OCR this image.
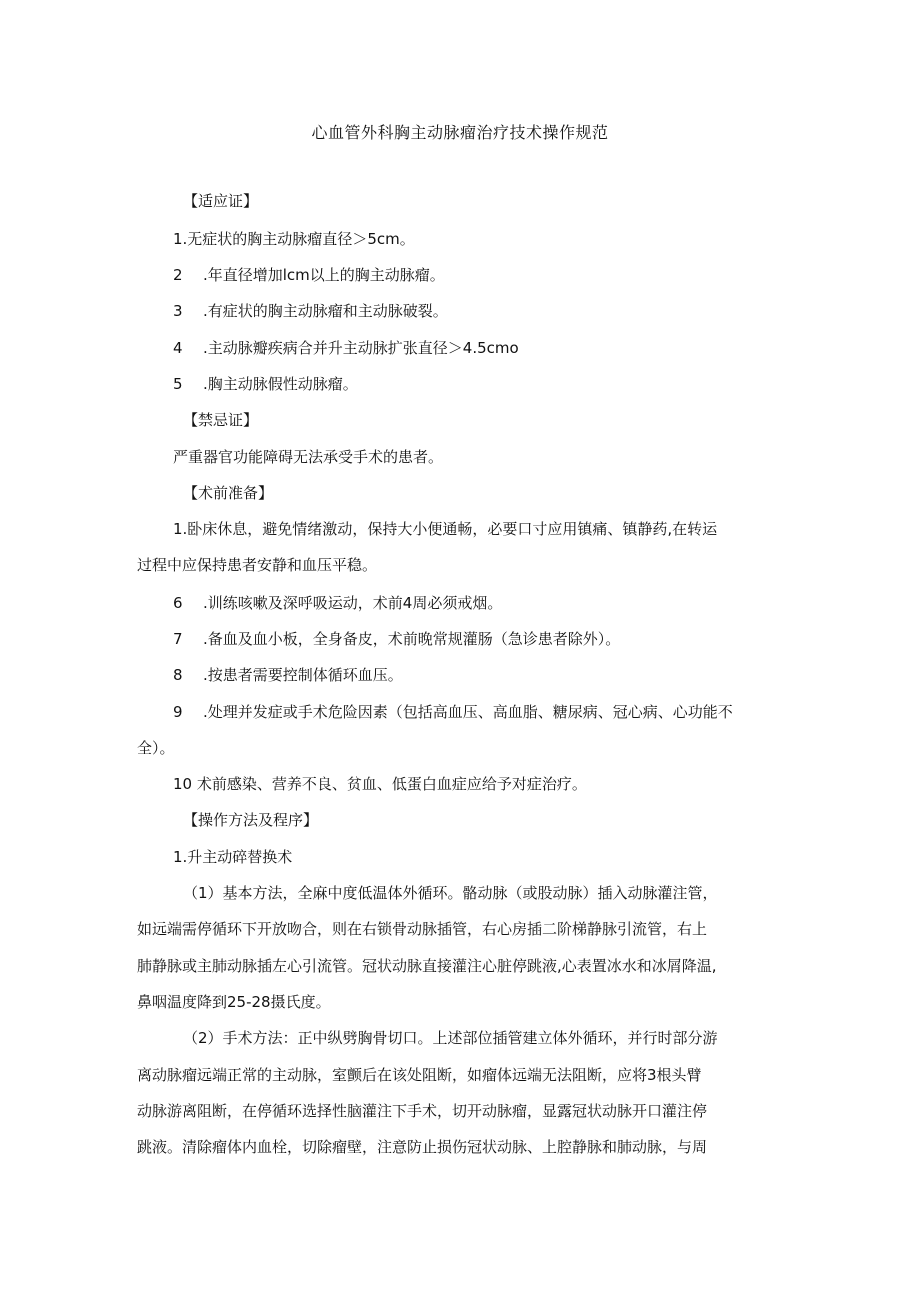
心血管外科胸主动脉瘤治疗技术操作规范
【适应证】
1.无症状的胸主动脉瘤直径＞5cm。
2 .年直径增加lcm以上的胸主动脉瘤。
3 .有症状的胸主动脉瘤和主动脉破裂。
4 .主动脉瓣疾病合并升主动脉扩张直径＞4.5cmo
5 .胸主动脉假性动脉瘤。
【禁忌证】
严重器官功能障碍无法承受手术的患者。
【术前准备】
1.卧床休息，避免情绪激动，保持大小便通畅，必要口寸应用镇痛、镇静药,在转运
过程中应保持患者安静和血压平稳。
6 .训练咳嗽及深呼吸运动，术前4周必须戒烟。
7 .备血及血小板，全身备皮，术前晚常规灌肠（急诊患者除外）。
8 .按患者需要控制体循环血压。
9 .处理并发症或手术危险因素（包括高血压、高血脂、糖尿病、冠心病、心功能不
全）。
10 术前感染、营养不良、贫血、低蛋白血症应给予对症治疗。
【操作方法及程序】
1.升主动碎替换术
（1）基本方法，全麻中度低温体外循环。骼动脉（或股动脉）插入动脉灌注管，
如远端需停循环下开放吻合，则在右锁骨动脉插管，右心房插二阶梯静脉引流管，右上
肺静脉或主肺动脉插左心引流管。冠状动脉直接灌注心脏停跳液,心表置冰水和冰屑降温,
鼻咽温度降到25-28摄氏度。
（2）手术方法：正中纵劈胸骨切口。上述部位插管建立体外循环，并行时部分游
离动脉瘤远端正常的主动脉，室颤后在该处阻断，如瘤体远端无法阻断，应将3根头臂
动脉游离阻断，在停循环选择性脑灌注下手术，切开动脉瘤，显露冠状动脉开口灌注停
跳液。清除瘤体内血栓，切除瘤壁，注意防止损伤冠状动脉、上腔静脉和肺动脉，与周
